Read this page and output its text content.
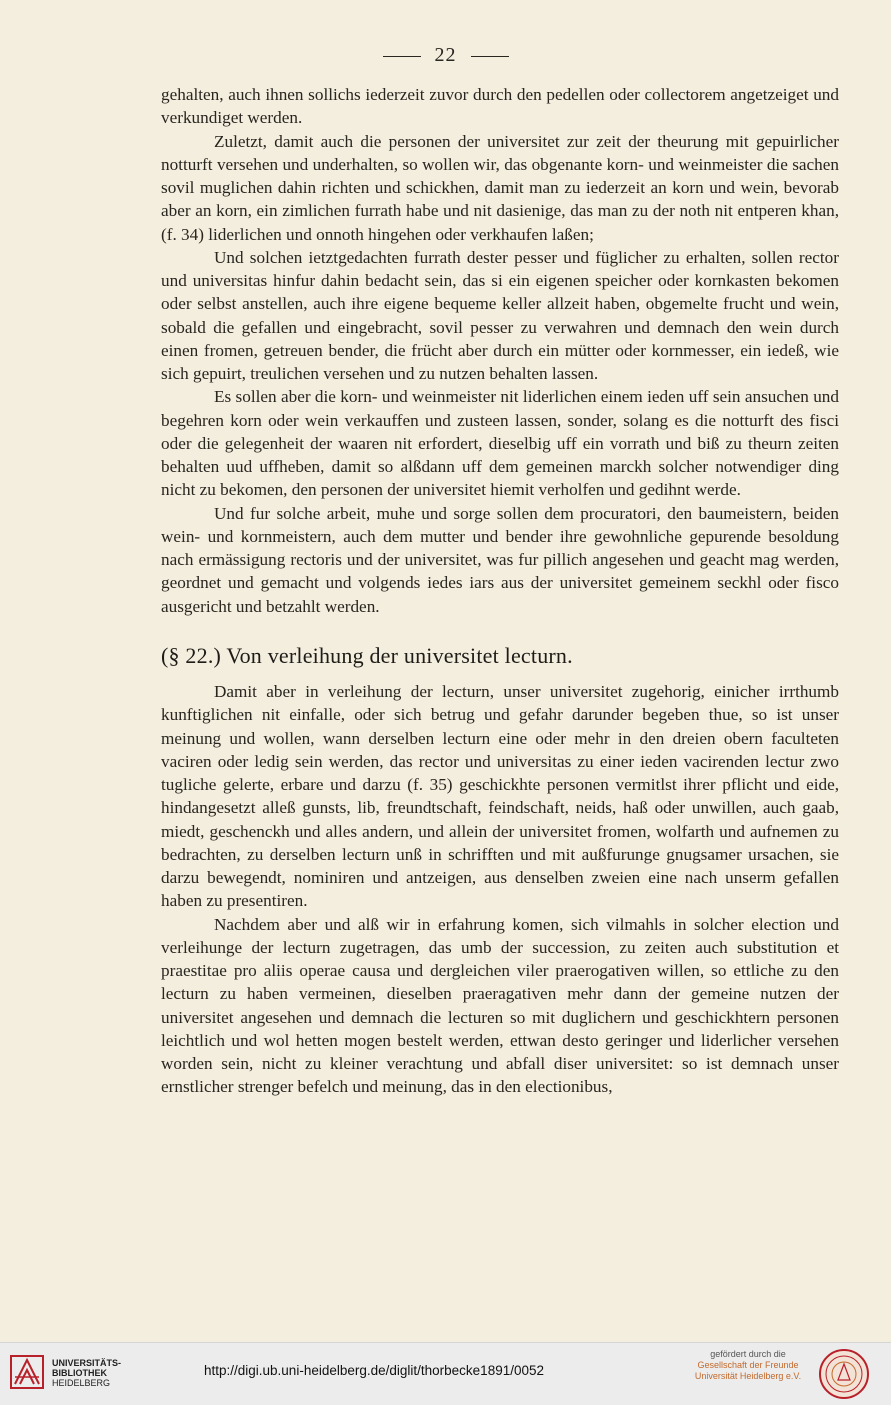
22

gehalten, auch ihnen sollichs iederzeit zuvor durch den pedellen oder collectorem angetzeiget und verkundiget werden.

Zuletzt, damit auch die personen der universitet zur zeit der theurung mit gepuirlicher notturft versehen und underhalten, so wollen wir, das obgenante korn- und weinmeister die sachen sovil muglichen dahin richten und schickhen, damit man zu iederzeit an korn und wein, bevorab aber an korn, ein zimlichen furrath habe und nit dasienige, das man zu der noth nit entperen khan, (f. 34) liderlichen und onnoth hingehen oder verkhaufen laßen;

Und solchen ietztgedachten furrath dester pesser und füglicher zu erhalten, sollen rector und universitas hinfur dahin bedacht sein, das si ein eigenen speicher oder kornkasten bekomen oder selbst anstellen, auch ihre eigene bequeme keller allzeit haben, obgemelte frucht und wein, sobald die gefallen und eingebracht, sovil pesser zu verwahren und demnach den wein durch einen fromen, getreuen bender, die frücht aber durch ein mütter oder kornmesser, ein iedeß, wie sich gepuirt, treulichen versehen und zu nutzen behalten lassen.

Es sollen aber die korn- und weinmeister nit liderlichen einem ieden uff sein ansuchen und begehren korn oder wein verkauffen und zusteen lassen, sonder, solang es die notturft des fisci oder die gelegenheit der waaren nit erfordert, dieselbig uff ein vorrath und biß zu theurn zeiten behalten uud uffheben, damit so alßdann uff dem gemeinen marckh solcher notwendiger ding nicht zu bekomen, den personen der universitet hiemit verholfen und gedihnt werde.

Und fur solche arbeit, muhe und sorge sollen dem procuratori, den baumeistern, beiden wein- und kornmeistern, auch dem mutter und bender ihre gewohnliche gepurende besoldung nach ermässigung rectoris und der universitet, was fur pillich angesehen und geacht mag werden, geordnet und gemacht und volgends iedes iars aus der universitet gemeinem seckhl oder fisco ausgericht und betzahlt werden.

(§ 22.) Von verleihung der universitet lecturn.

Damit aber in verleihung der lecturn, unser universitet zugehorig, einicher irrthumb kunftiglichen nit einfalle, oder sich betrug und gefahr darunder begeben thue, so ist unser meinung und wollen, wann derselben lecturn eine oder mehr in den dreien obern faculteten vaciren oder ledig sein werden, das rector und universitas zu einer ieden vacirenden lectur zwo tugliche gelerte, erbare und darzu (f. 35) geschickhte personen vermitlst ihrer pflicht und eide, hindangesetzt alleß gunsts, lib, freundtschaft, feindschaft, neids, haß oder unwillen, auch gaab, miedt, geschenckh und alles andern, und allein der universitet fromen, wolfarth und aufnemen zu bedrachten, zu derselben lecturn unß in schrifften und mit außfurunge gnugsamer ursachen, sie darzu bewegendt, nominiren und antzeigen, aus denselben zweien eine nach unserm gefallen haben zu presentiren.

Nachdem aber und alß wir in erfahrung komen, sich vilmahls in solcher election und verleihunge der lecturn zugetragen, das umb der succession, zu zeiten auch substitution et praestitae pro aliis operae causa und dergleichen viler praerogativen willen, so ettliche zu den lecturn zu haben vermeinen, dieselben praeragativen mehr dann der gemeine nutzen der universitet angesehen und demnach die lecturen so mit duglichern und geschickhtern personen leichtlich und wol hetten mogen bestelt werden, ettwan desto geringer und liderlicher versehen worden sein, nicht zu kleiner verachtung und abfall diser universitet: so ist demnach unser ernstlicher strenger befelch und meinung, das in den electionibus,

UNIVERSITÄTS-
BIBLIOTHEK
HEIDELBERG
http://digi.ub.uni-heidelberg.de/diglit/thorbecke1891/0052
gefördert durch die
Gesellschaft der Freunde
Universität Heidelberg e.V.
